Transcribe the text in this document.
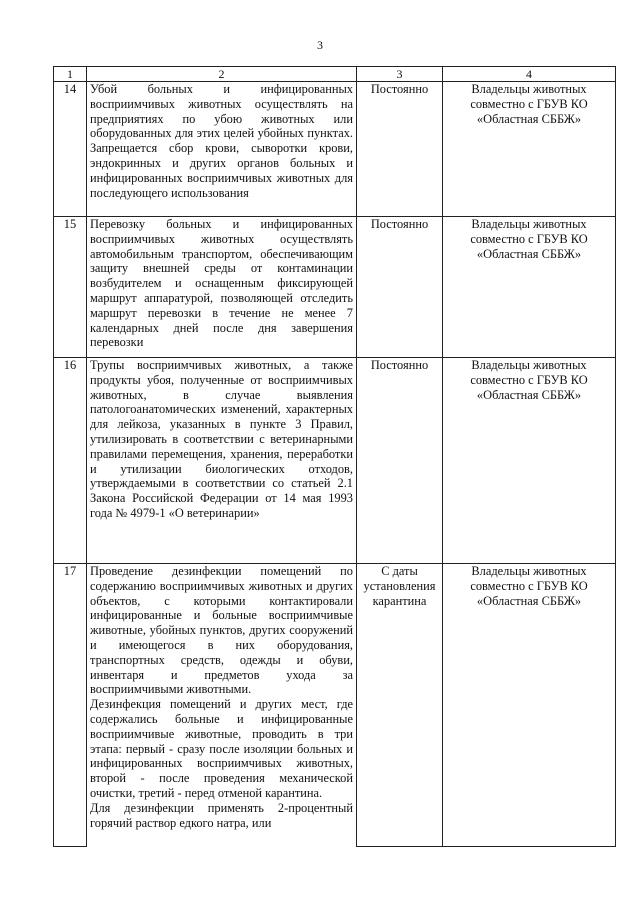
3
1	2	3	4
14	Убой больных и инфицированных восприимчивых животных осуществлять на предприятиях по убою животных или оборудованных для этих целей убойных пунктах. Запрещается сбор крови, сыворотки крови, эндокринных и других органов больных и инфицированных восприимчивых животных для последующего использования	Постоянно	Владельцы животных совместно с ГБУВ КО «Областная СББЖ»
15	Перевозку больных и инфицированных восприимчивых животных осуществлять автомобильным транспортом, обеспечивающим защиту внешней среды от контаминации возбудителем и оснащенным фиксирующей маршрут аппаратурой, позволяющей отследить маршрут перевозки в течение не менее 7 календарных дней после дня завершения перевозки	Постоянно	Владельцы животных совместно с ГБУВ КО «Областная СББЖ»
16	Трупы восприимчивых животных, а также продукты убоя, полученные от восприимчивых животных, в случае выявления патологоанатомических изменений, характерных для лейкоза, указанных в пункте 3 Правил, утилизировать в соответствии с ветеринарными правилами перемещения, хранения, переработки и утилизации биологических отходов, утверждаемыми в соответствии со статьей 2.1 Закона Российской Федерации от 14 мая 1993 года № 4979-1 «О ветеринарии»	Постоянно	Владельцы животных совместно с ГБУВ КО «Областная СББЖ»
17	Проведение дезинфекции помещений по содержанию восприимчивых животных и других объектов, с которыми контактировали инфицированные и больные восприимчивые животные, убойных пунктов, других сооружений и имеющегося в них оборудования, транспортных средств, одежды и обуви, инвентаря и предметов ухода за восприимчивыми животными.

Дезинфекция помещений и других мест, где содержались больные и инфицированные восприимчивые животные, проводить в три этапа: первый - сразу после изоляции больных и инфицированных восприимчивых животных, второй - после проведения механической очистки, третий - перед отменой карантина.

Для дезинфекции применять 2-процентный горячий раствор едкого натра, или	С даты установления карантина	Владельцы животных совместно с ГБУВ КО «Областная СББЖ»
